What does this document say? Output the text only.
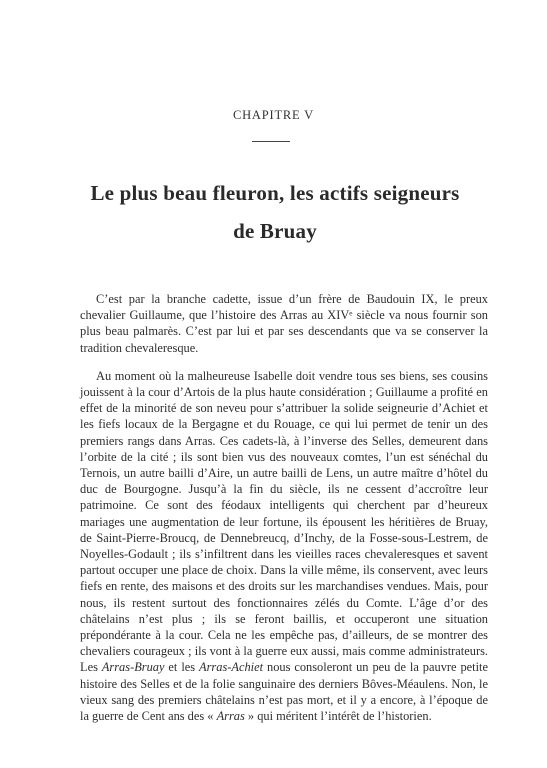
CHAPITRE V
Le plus beau fleuron, les actifs seigneurs
de Bruay

C’est par la branche cadette, issue d’un frère de Baudouin IX, le preux chevalier Guillaume, que l’histoire des Arras au XIVᵉ siècle va nous fournir son plus beau palmarès. C’est par lui et par ses descendants que va se conserver la tradition chevaleresque.

Au moment où la malheureuse Isabelle doit vendre tous ses biens, ses cousins jouissent à la cour d’Artois de la plus haute considération ; Guillaume a profité en effet de la minorité de son neveu pour s’attribuer la solide seigneurie d’Achiet et les fiefs locaux de la Bergagne et du Rouage, ce qui lui permet de tenir un des premiers rangs dans Arras. Ces cadets-là, à l’inverse des Selles, demeurent dans l’orbite de la cité ; ils sont bien vus des nouveaux comtes, l’un est sénéchal du Ternois, un autre bailli d’Aire, un autre bailli de Lens, un autre maître d’hôtel du duc de Bourgogne. Jusqu’à la fin du siècle, ils ne cessent d’accroître leur patrimoine. Ce sont des féodaux intelligents qui cherchent par d’heureux mariages une augmentation de leur fortune, ils épousent les héritières de Bruay, de Saint-Pierre-Broucq, de Dennebreucq, d’Inchy, de la Fosse-sous-Lestrem, de Noyelles-Godault ; ils s’infiltrent dans les vieilles races chevaleresques et savent partout occuper une place de choix. Dans la ville même, ils conservent, avec leurs fiefs en rente, des maisons et des droits sur les marchandises vendues. Mais, pour nous, ils restent surtout des fonctionnaires zélés du Comte. L’âge d’or des châtelains n’est plus ; ils se feront baillis, et occuperont une situation prépondérante à la cour. Cela ne les empêche pas, d’ailleurs, de se montrer des chevaliers courageux ; ils vont à la guerre eux aussi, mais comme administrateurs. Les Arras-Bruay et les Arras-Achiet nous consoleront un peu de la pauvre petite histoire des Selles et de la folie sanguinaire des derniers Bôves-Méaulens. Non, le vieux sang des premiers châtelains n’est pas mort, et il y a encore, à l’époque de la guerre de Cent ans des « Arras » qui méritent l’intérêt de l’historien.
